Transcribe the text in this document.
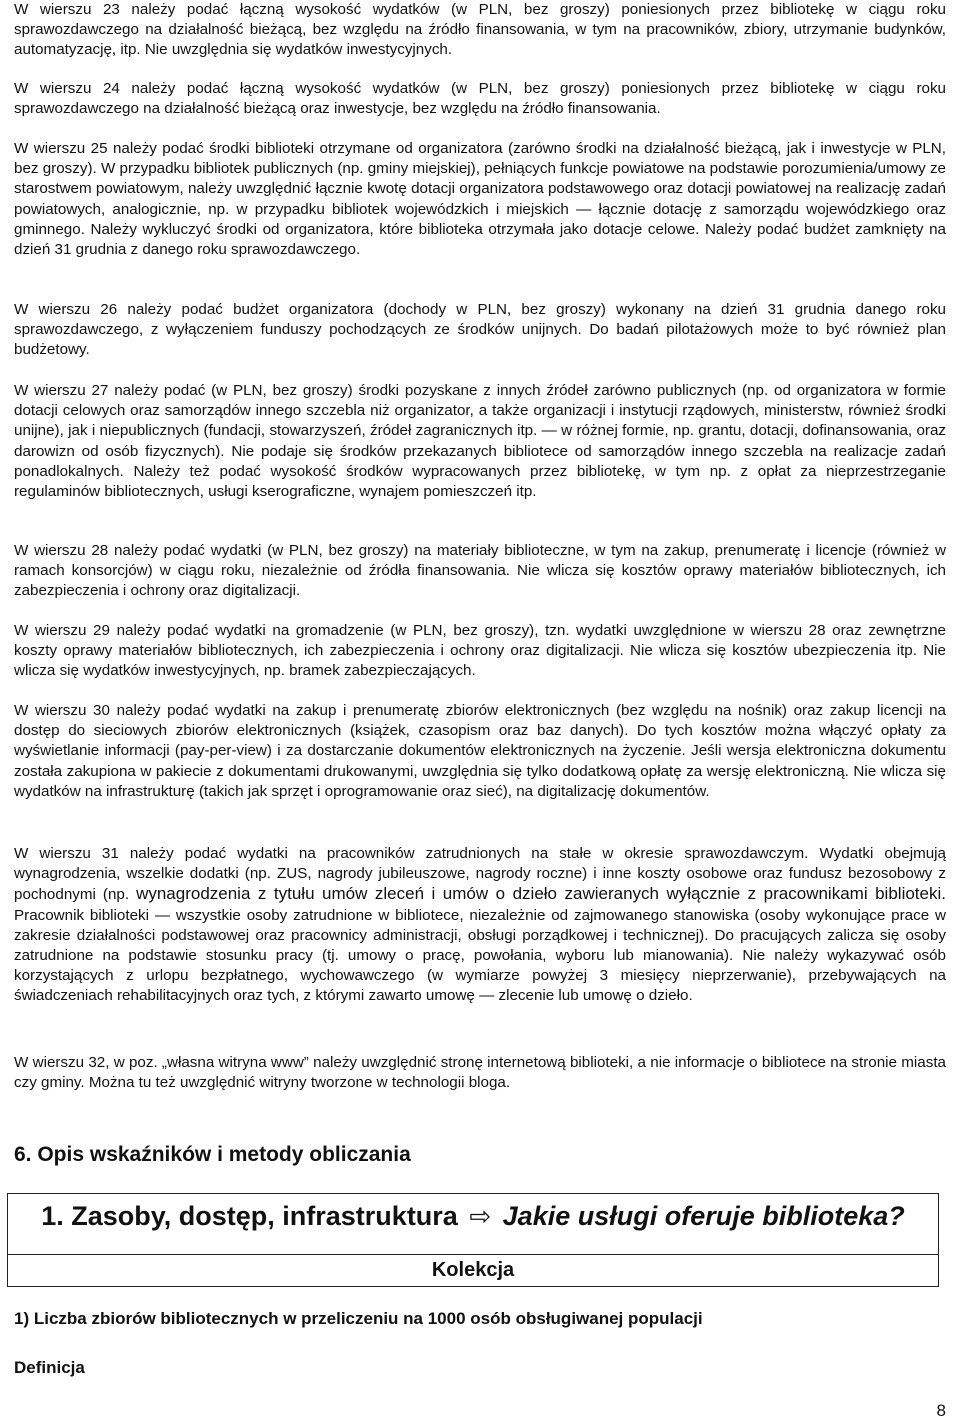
W wierszu 23 należy podać łączną wysokość wydatków (w PLN, bez groszy) poniesionych przez bibliotekę w ciągu roku sprawozdawczego na działalność bieżącą, bez względu na źródło finansowania, w tym na pracowników, zbiory, utrzymanie budynków, automatyzację, itp. Nie uwzględnia się wydatków inwestycyjnych.

W wierszu 24 należy podać łączną wysokość wydatków (w PLN, bez groszy) poniesionych przez bibliotekę w ciągu roku sprawozdawczego na działalność bieżącą oraz inwestycje, bez względu na źródło finansowania.

W wierszu 25 należy podać środki biblioteki otrzymane od organizatora (zarówno środki na działalność bieżącą, jak i inwestycje w PLN, bez groszy). W przypadku bibliotek publicznych (np. gminy miejskiej), pełniących funkcje powiatowe na podstawie porozumienia/umowy ze starostwem powiatowym, należy uwzględnić łącznie kwotę dotacji organizatora podstawowego oraz dotacji powiatowej na realizację zadań powiatowych, analogicznie, np. w przypadku bibliotek wojewódzkich i miejskich — łącznie dotację z samorządu wojewódzkiego oraz gminnego. Należy wykluczyć środki od organizatora, które biblioteka otrzymała jako dotacje celowe. Należy podać budżet zamknięty na dzień 31 grudnia z danego roku sprawozdawczego.

W wierszu 26 należy podać budżet organizatora (dochody w PLN, bez groszy) wykonany na dzień 31 grudnia danego roku sprawozdawczego, z wyłączeniem funduszy pochodzących ze środków unijnych. Do badań pilotażowych może to być również plan budżetowy.

W wierszu 27 należy podać (w PLN, bez groszy) środki pozyskane z innych źródeł zarówno publicznych (np. od organizatora w formie dotacji celowych oraz samorządów innego szczebla niż organizator, a także organizacji i instytucji rządowych, ministerstw, również środki unijne), jak i niepublicznych (fundacji, stowarzyszeń, źródeł zagranicznych itp. — w różnej formie, np. grantu, dotacji, dofinansowania, oraz darowizn od osób fizycznych). Nie podaje się środków przekazanych bibliotece od samorządów innego szczebla na realizacje zadań ponadlokalnych. Należy też podać wysokość środków wypracowanych przez bibliotekę, w tym np. z opłat za nieprzestrzeganie regulaminów bibliotecznych, usługi kserograficzne, wynajem pomieszczeń itp.

W wierszu 28 należy podać wydatki (w PLN, bez groszy) na materiały biblioteczne, w tym na zakup, prenumeratę i licencje (również w ramach konsorcjów) w ciągu roku, niezależnie od źródła finansowania. Nie wlicza się kosztów oprawy materiałów bibliotecznych, ich zabezpieczenia i ochrony oraz digitalizacji.

W wierszu 29 należy podać wydatki na gromadzenie (w PLN, bez groszy), tzn. wydatki uwzględnione w wierszu 28 oraz zewnętrzne koszty oprawy materiałów bibliotecznych, ich zabezpieczenia i ochrony oraz digitalizacji. Nie wlicza się kosztów ubezpieczenia itp. Nie wlicza się wydatków inwestycyjnych, np. bramek zabezpieczających.

W wierszu 30 należy podać wydatki na zakup i prenumeratę zbiorów elektronicznych (bez względu na nośnik) oraz zakup licencji na dostęp do sieciowych zbiorów elektronicznych (książek, czasopism oraz baz danych). Do tych kosztów można włączyć opłaty za wyświetlanie informacji (pay-per-view) i za dostarczanie dokumentów elektronicznych na życzenie. Jeśli wersja elektroniczna dokumentu została zakupiona w pakiecie z dokumentami drukowanymi, uwzględnia się tylko dodatkową opłatę za wersję elektroniczną. Nie wlicza się wydatków na infrastrukturę (takich jak sprzęt i oprogramowanie oraz sieć), na digitalizację dokumentów.

W wierszu 31 należy podać wydatki na pracowników zatrudnionych na stałe w okresie sprawozdawczym. Wydatki obejmują wynagrodzenia, wszelkie dodatki (np. ZUS, nagrody jubileuszowe, nagrody roczne) i inne koszty osobowe oraz fundusz bezosobowy z pochodnymi (np. wynagrodzenia z tytułu umów zleceń i umów o dzieło zawieranych wyłącznie z pracownikami biblioteki. Pracownik biblioteki — wszystkie osoby zatrudnione w bibliotece, niezależnie od zajmowanego stanowiska (osoby wykonujące prace w zakresie działalności podstawowej oraz pracownicy administracji, obsługi porządkowej i technicznej). Do pracujących zalicza się osoby zatrudnione na podstawie stosunku pracy (tj. umowy o pracę, powołania, wyboru lub mianowania). Nie należy wykazywać osób korzystających z urlopu bezpłatnego, wychowawczego (w wymiarze powyżej 3 miesięcy nieprzerwanie), przebywających na świadczeniach rehabilitacyjnych oraz tych, z którymi zawarto umowę — zlecenie lub umowę o dzieło.

W wierszu 32, w poz. „własna witryna www” należy uwzględnić stronę internetową biblioteki, a nie informacje o bibliotece na stronie miasta czy gminy. Można tu też uwzględnić witryny tworzone w technologii bloga.

6. Opis wskaźników i metody obliczania
1. Zasoby, dostęp, infrastruktura ⇨ Jakie usługi oferuje biblioteka?
Kolekcja

1) Liczba zbiorów bibliotecznych w przeliczeniu na 1000 osób obsługiwanej populacji

Definicja

8
